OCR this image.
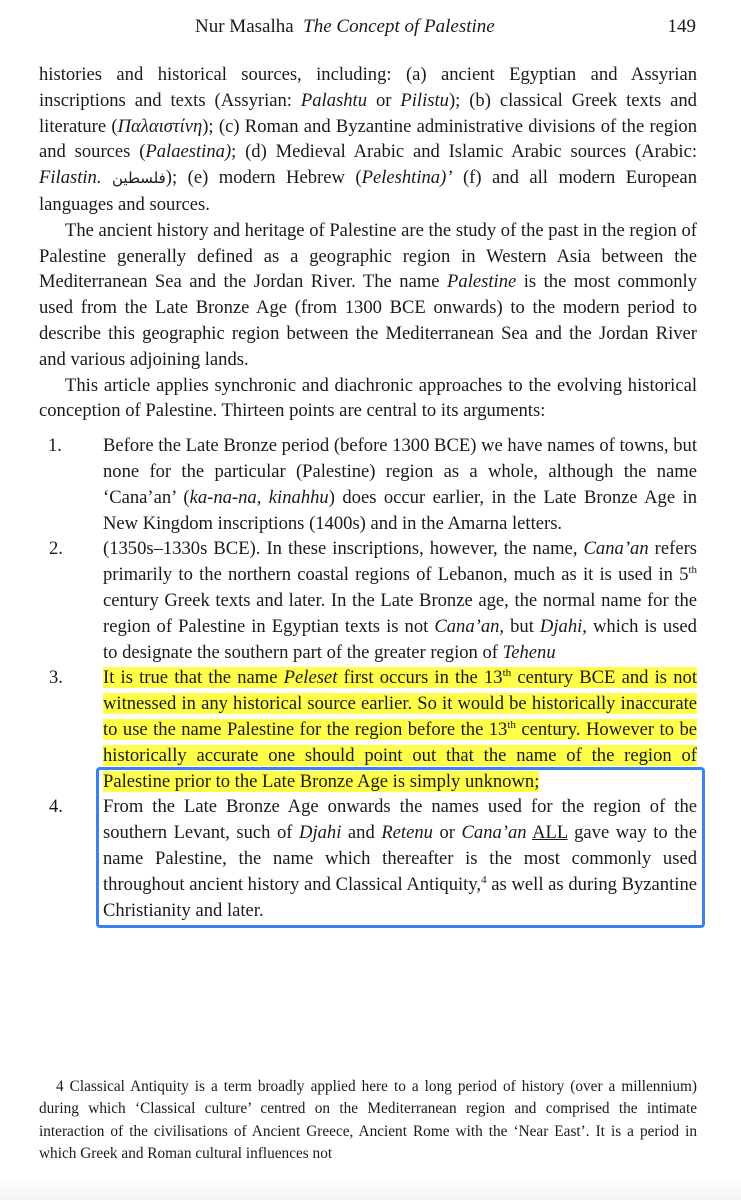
Nur Masalha The Concept of Palestine	149

histories and historical sources, including: (a) ancient Egyptian and Assyrian inscriptions and texts (Assyrian: Palashtu or Pilistu); (b) classical Greek texts and literature (Παλαιστίνη); (c) Roman and Byzantine administrative divisions of the region and sources (Palaestina); (d) Medieval Arabic and Islamic Arabic sources (Arabic: Filastin. فلسطين); (e) modern Hebrew (Peleshtina)’ (f) and all modern European languages and sources.

The ancient history and heritage of Palestine are the study of the past in the region of Palestine generally defined as a geographic region in Western Asia between the Mediterranean Sea and the Jordan River. The name Palestine is the most commonly used from the Late Bronze Age (from 1300 BCE onwards) to the modern period to describe this geographic region between the Mediterranean Sea and the Jordan River and various adjoining lands.

This article applies synchronic and diachronic approaches to the evolving historical conception of Palestine. Thirteen points are central to its arguments:

1. Before the Late Bronze period (before 1300 BCE) we have names of towns, but none for the particular (Palestine) region as a whole, although the name ‘Cana’an’ (ka-na-na, kinahhu) does occur earlier, in the Late Bronze Age in New Kingdom inscriptions (1400s) and in the Amarna letters.
2. (1350s–1330s BCE). In these inscriptions, however, the name, Cana’an refers primarily to the northern coastal regions of Lebanon, much as it is used in 5th century Greek texts and later. In the Late Bronze age, the normal name for the region of Palestine in Egyptian texts is not Cana’an, but Djahi, which is used to designate the southern part of the greater region of Tehenu
3. It is true that the name Peleset first occurs in the 13th century BCE and is not witnessed in any historical source earlier. So it would be historically inaccurate to use the name Palestine for the region before the 13th century. However to be historically accurate one should point out that the name of the region of Palestine prior to the Late Bronze Age is simply unknown;
4. From the Late Bronze Age onwards the names used for the region of the southern Levant, such of Djahi and Retenu or Cana’an ALL gave way to the name Palestine, the name which thereafter is the most commonly used throughout ancient history and Classical Antiquity,$^4$ as well as during Byzantine Christianity and later.

4 Classical Antiquity is a term broadly applied here to a long period of history (over a millennium) during which ‘Classical culture’ centred on the Mediterranean region and comprised the intimate interaction of the civilisations of Ancient Greece, Ancient Rome with the ‘Near East’. It is a period in which Greek and Roman cultural influences not
